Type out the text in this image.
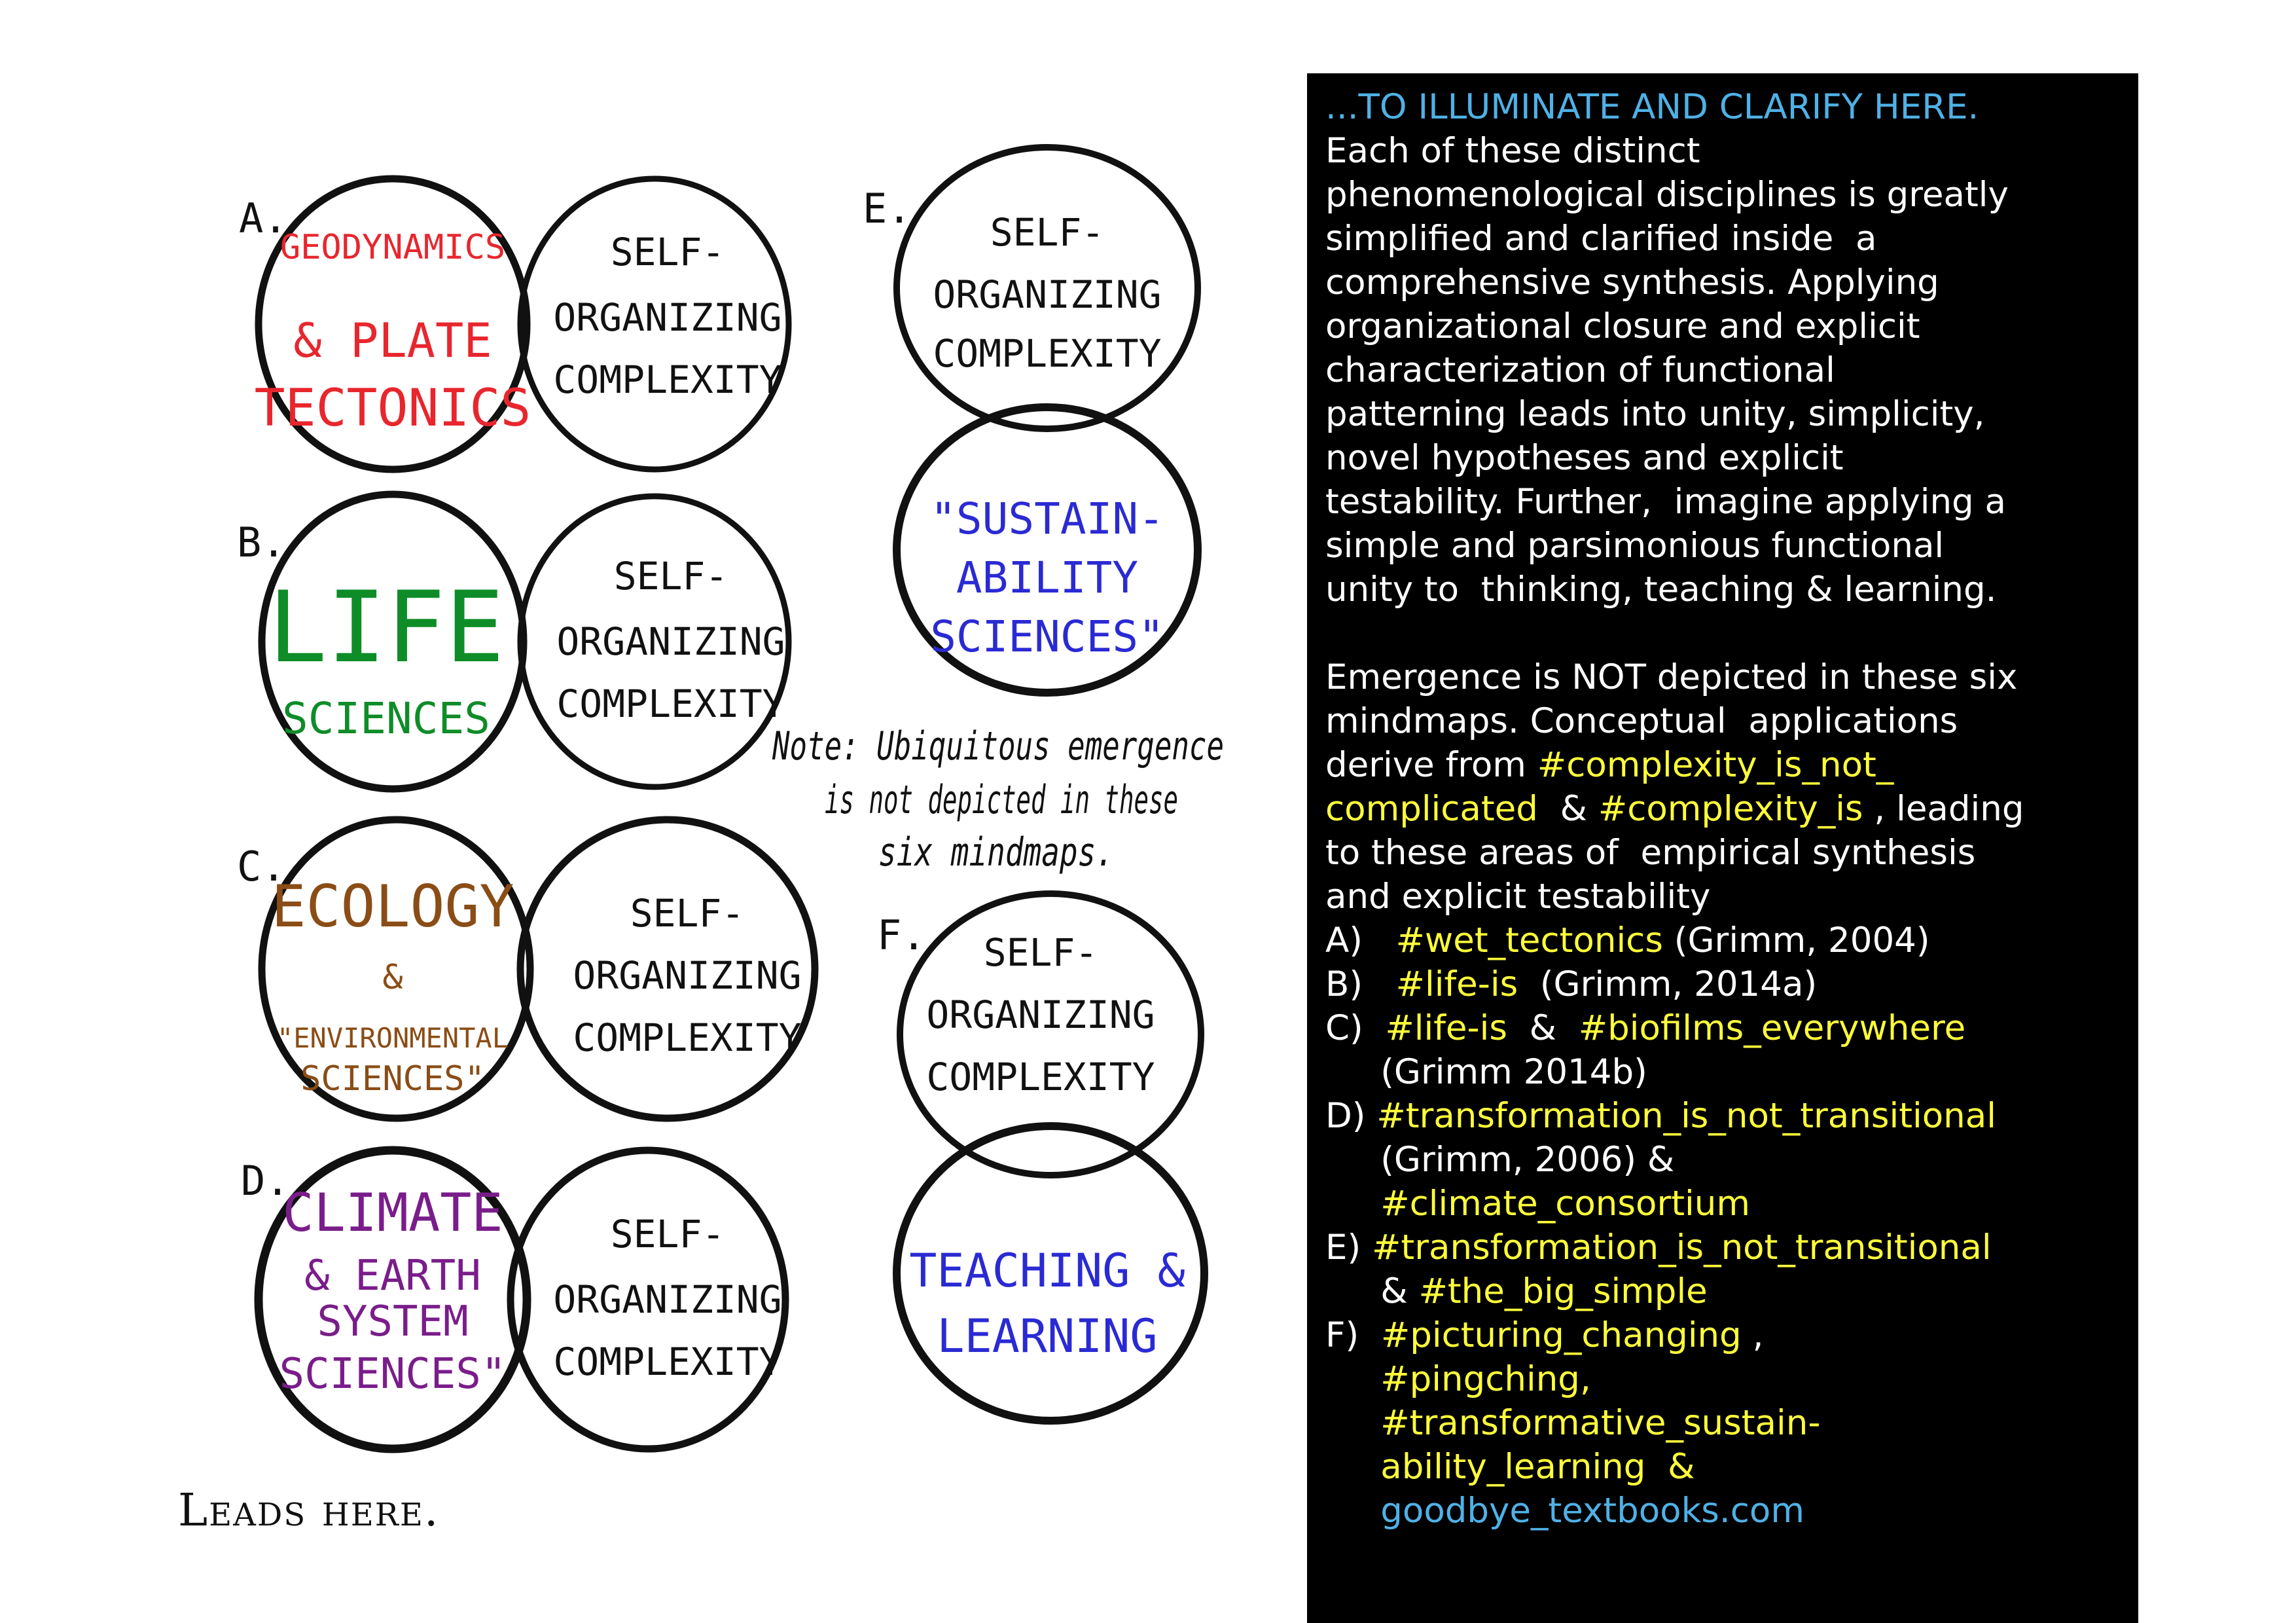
A.
GEODYNAMICS
& PLATE
TECTONICS
SELF-
ORGANIZING
COMPLEXITY
B.
LIFE
SCIENCES
SELF-
ORGANIZING
COMPLEXITY
C.
ECOLOGY
&
"ENVIRONMENTAL
SCIENCES"
SELF-
ORGANIZING
COMPLEXITY
D.
CLIMATE
& EARTH
SYSTEM
SCIENCES"
SELF-
ORGANIZING
COMPLEXITY
E. SELF-
ORGANIZING
COMPLEXITY
"SUSTAIN-
ABILITY
SCIENCES"
F. SELF-
ORGANIZING
COMPLEXITY
TEACHING &
LEARNING
Note: Ubiquitous emergence
is not depicted in these
six mindmaps.
Leads here.
...TO ILLUMINATE AND CLARIFY HERE.
Each of these distinct
phenomenological disciplines is greatly
simplified and clarified inside  a
comprehensive synthesis. Applying
organizational closure and explicit
characterization of functional
patterning leads into unity, simplicity,
novel hypotheses and explicit
testability. Further,  imagine applying a
simple and parsimonious functional
unity to  thinking, teaching & learning.
Emergence is NOT depicted in these six
mindmaps. Conceptual  applications
derive from #complexity_is_not_
complicated  & #complexity_is , leading
to these areas of  empirical synthesis
and explicit testability
A)   #wet_tectonics (Grimm, 2004)
B)   #life-is  (Grimm, 2014a)
C)  #life-is  &  #biofilms_everywhere
(Grimm 2014b)
D) #transformation_is_not_transitional
(Grimm, 2006) &
#climate_consortium
E) #transformation_is_not_transitional
& #the_big_simple
F)  #picturing_changing ,
#pingching,
#transformative_sustain-
ability_learning  &
goodbye_textbooks.com
